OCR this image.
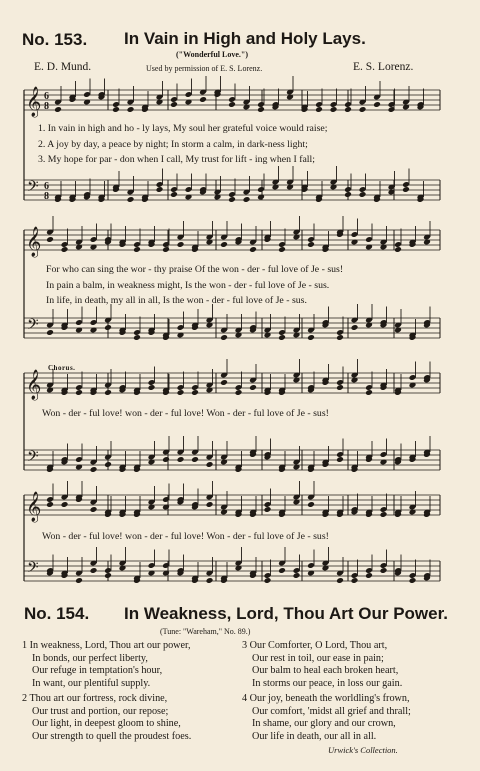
No. 153. In Vain in High and Holy Lays.
("Wonderful Love.")
E. D. Mund.	Used by permission of E. S. Lorenz.	E. S. Lorenz.
𝄞
𝄢
6
8
6
8
𝄞
𝄢
𝄞
𝄢
𝄞
𝄢
1. In vain in high and ho - ly lays, My soul her grateful voice would raise;
2. A joy by day, a peace by night; In storm a calm, in dark-ness light;
3. My hope for par - don when I call, My trust for lift - ing when I fall;
For who can sing the wor - thy praise Of the won - der - ful love of Je - sus!
In pain a balm, in weakness might, Is the won - der - ful love of Je - sus.
In life, in death, my all in all, Is the won - der - ful love of Je - sus.
Chorus.
Won - der - ful love! won - der - ful love! Won - der - ful love of Je - sus!
Won - der - ful love! won - der - ful love! Won - der - ful love of Je - sus!
No. 154. In Weakness, Lord, Thou Art Our Power.
(Tune: "Wareham," No. 89.)
1 In weakness, Lord, Thou art our power,
In bonds, our perfect liberty,
Our refuge in temptation's hour,
In want, our plentiful supply.
2 Thou art our fortress, rock divine,
Our trust and portion, our repose;
Our light, in deepest gloom to shine,
Our strength to quell the proudest foes.
3 Our Comforter, O Lord, Thou art,
Our rest in toil, our ease in pain;
Our balm to heal each broken heart,
In storms our peace, in loss our gain.
4 Our joy, beneath the worldling's frown,
Our comfort, 'midst all grief and thrall;
In shame, our glory and our crown,
Our life in death, our all in all.
Urwick's Collection.
